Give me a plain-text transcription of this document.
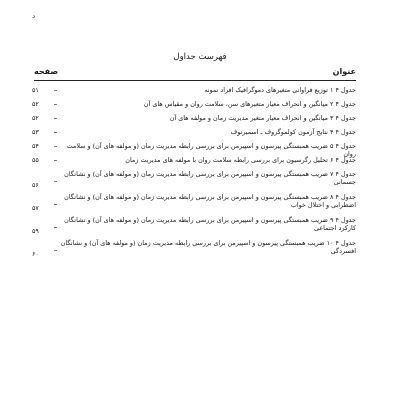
د
فهرست جداول
صفحه	عنوان
جدول ۴ ۱ توزیع فراوانی متغیرهای دموگرافیک افراد نمونه
۵۱
جدول ۴ ۲ میانگین و انحراف معیار متغیرهای سن، سلامت روان و مقیاس های آن
۵۲
جدول ۴ ۳ میانگین و انحراف معیار متغیر مدیریت زمان و مولفه های آن
۵۲
جدول ۴ ۴ نتایج آزمون کولموگروف ـ اسمیرنوف
۵۳
جدول ۴ ۵ ضریب همبستگی پیرسون و اسپیرمن برای بررسی رابطه مدیریت زمان (و مولفه های آن) و سلامت روان
۵۴
جدول ۴ ۶ تحلیل رگرسیون برای بررسی رابطه سلامت روان با مولفه های مدیریت زمان
۵۵
جدول ۴ ۷ ضریب همبستگی پیرسون و اسپیرمن برای بررسی رابطه مدیریت زمان (و مولفه های آن) و نشانگان جسمانی
۵۶
جدول ۴ ۸ ضریب همبستگی پیرسون و اسپیرمن برای بررسی رابطه مدیریت زمان (و مولفه های آن) و نشانگان اضطرابی و اختلال خواب
۵۷
جدول ۴ ۹ ضریب همبستگی پیرسون و اسپیرمن برای بررسی رابطه مدیریت زمان (و مولفه های آن) و نشانگان کارکرد اجتماعی
۵۹
جدول ۴ ۱۰ ضریب همبستگی پیرسون و اسپیرمن برای بررسی رابطه مدیریت زمان (و مولفه های آن) و نشانگان افسردگی
۶۰
